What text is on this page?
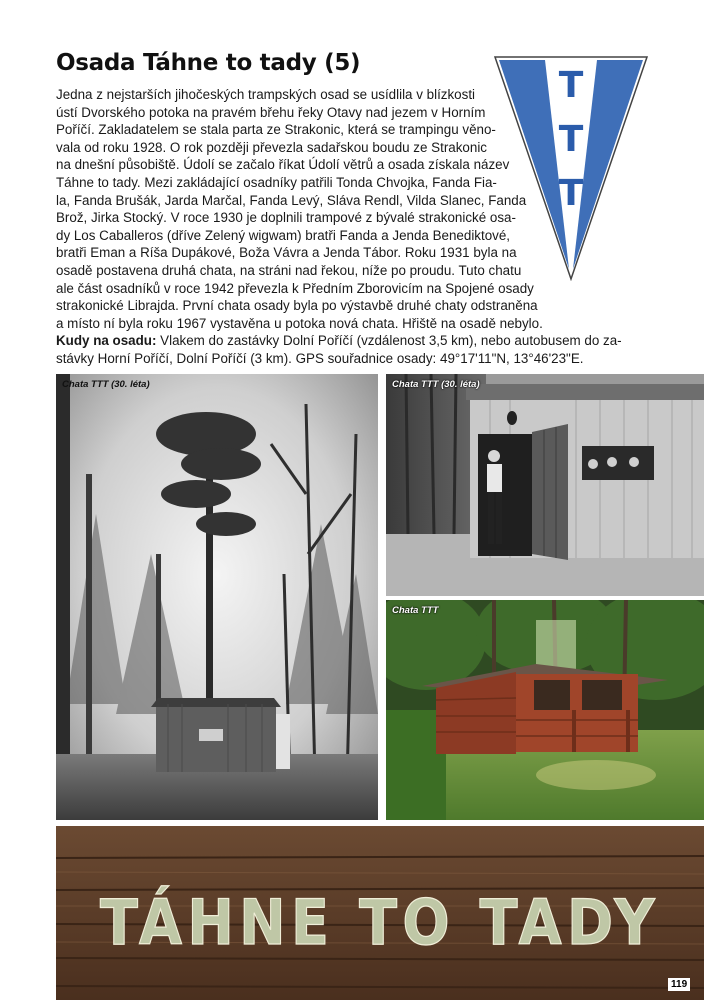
Osada Táhne to tady (5)
T
T
T
Jedna z nejstarších jihočeských trampských osad se usídlila v blízkosti
ústí Dvorského potoka na pravém břehu řeky Otavy nad jezem v Horním
Poříčí. Zakladatelem se stala parta ze Strakonic, která se trampingu věno-
vala od roku 1928. O rok později převezla sadařskou boudu ze Strakonic
na dnešní působiště. Údolí se začalo říkat Údolí větrů a osada získala název
Táhne to tady. Mezi zakládající osadníky patřili Tonda Chvojka, Fanda Fia-
la, Fanda Brušák, Jarda Marčal, Fanda Levý, Sláva Rendl, Vilda Slanec, Fanda
Brož, Jirka Stocký. V roce 1930 je doplnili trampové z bývalé strakonické osa-
dy Los Caballeros (dříve Zelený wigwam) bratři Fanda a Jenda Benediktové,
bratři Eman a Ríša Dupákové, Boža Vávra a Jenda Tábor. Roku 1931 byla na
osadě postavena druhá chata, na stráni nad řekou, níže po proudu. Tuto chatu
ale část osadníků v roce 1942 převezla k Předním Zborovicím na Spojené osady
strakonické Librajda. První chata osady byla po výstavbě druhé chaty odstraněna
a místo ní byla roku 1967 vystavěna u potoka nová chata. Hřiště na osadě nebylo.
Kudy na osadu: Vlakem do zastávky Dolní Poříčí (vzdálenost 3,5 km), nebo autobusem do za-
stávky Horní Poříčí, Dolní Poříčí (3 km). GPS souřadnice osady: 49°17'11"N, 13°46'23"E.
Chata TTT (30. léta)	Chata TTT (30. léta)
Chata TTT
TÁHNE TO TADY
119
